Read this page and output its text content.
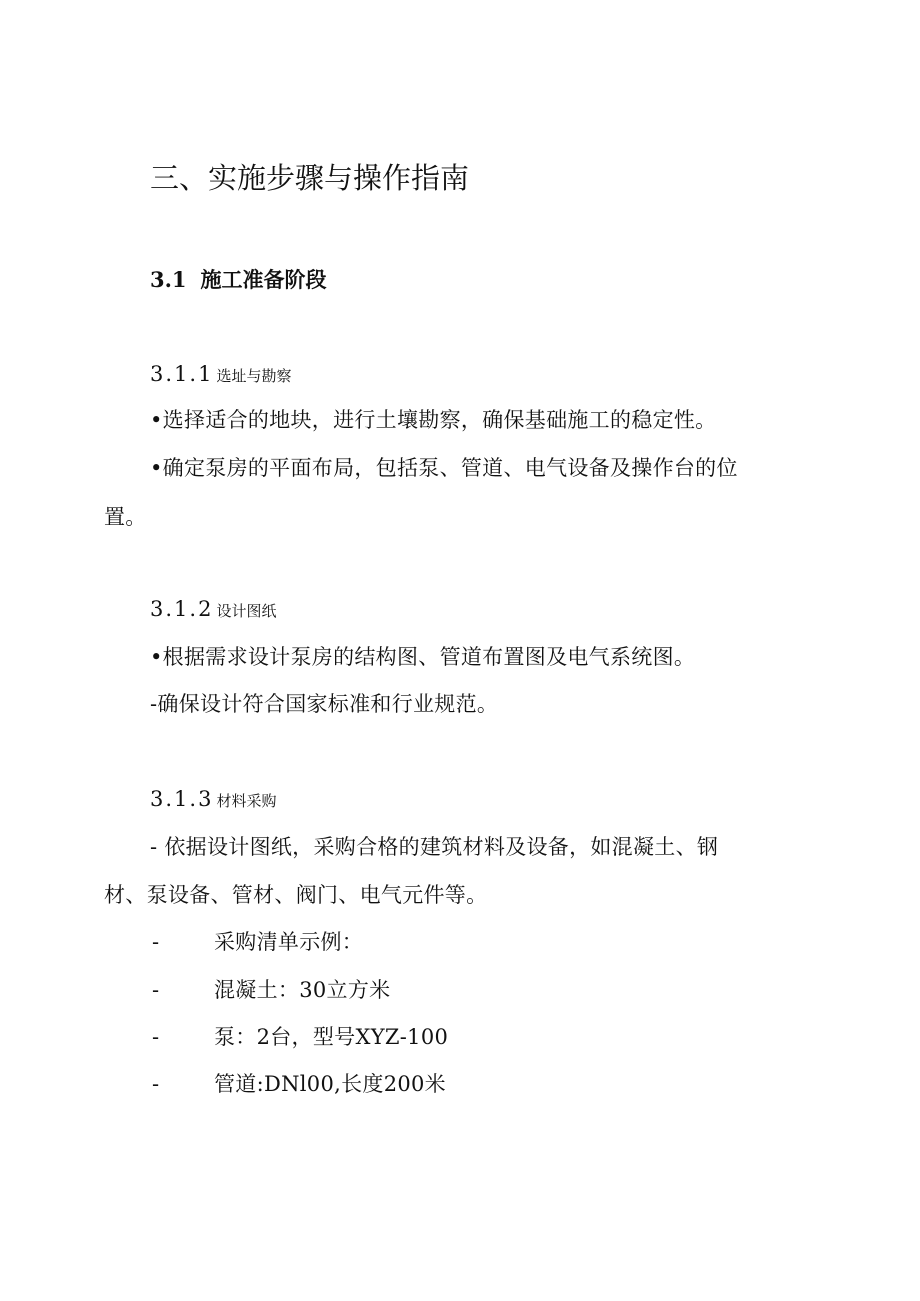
三、实施步骤与操作指南
3.1 施工准备阶段
3.1.1 选址与勘察
•选择适合的地块，进行土壤勘察，确保基础施工的稳定性。
•确定泵房的平面布局，包括泵、管道、电气设备及操作台的位
置。
3.1.2 设计图纸
•根据需求设计泵房的结构图、管道布置图及电气系统图。
-确保设计符合国家标准和行业规范。
3.1.3 材料采购
- 依据设计图纸，采购合格的建筑材料及设备，如混凝土、钢
材、泵设备、管材、阀门、电气元件等。
-	采购清单示例：
-	混凝土：30立方米
-	泵：2台，型号XYZ-100
-	管道:DNl00,长度200米
